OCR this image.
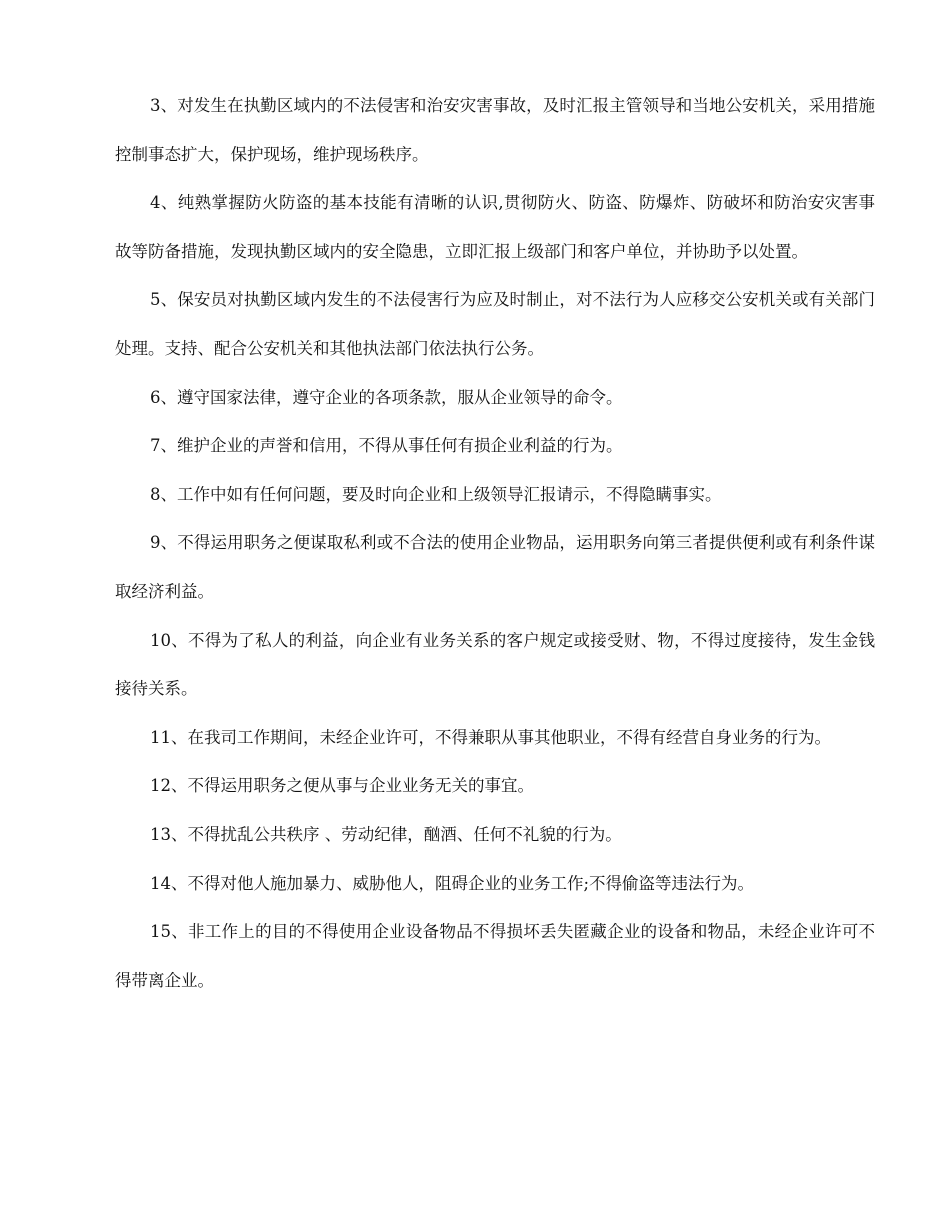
3、对发生在执勤区域内的不法侵害和治安灾害事故，及时汇报主管领导和当地公安机关，采用措施控制事态扩大，保护现场，维护现场秩序。

4、纯熟掌握防火防盗的基本技能有清晰的认识,贯彻防火、防盗、防爆炸、防破坏和防治安灾害事故等防备措施，发现执勤区域内的安全隐患，立即汇报上级部门和客户单位，并协助予以处置。

5、保安员对执勤区域内发生的不法侵害行为应及时制止，对不法行为人应移交公安机关或有关部门处理。支持、配合公安机关和其他执法部门依法执行公务。

6、遵守国家法律，遵守企业的各项条款，服从企业领导的命令。

7、维护企业的声誉和信用，不得从事任何有损企业利益的行为。

8、工作中如有任何问题，要及时向企业和上级领导汇报请示，不得隐瞒事实。

9、不得运用职务之便谋取私利或不合法的使用企业物品，运用职务向第三者提供便利或有利条件谋取经济利益。

10、不得为了私人的利益，向企业有业务关系的客户规定或接受财、物，不得过度接待，发生金钱接待关系。

11、在我司工作期间，未经企业许可，不得兼职从事其他职业，不得有经营自身业务的行为。

12、不得运用职务之便从事与企业业务无关的事宜。

13、不得扰乱公共秩序 、劳动纪律，酗酒、任何不礼貌的行为。

14、不得对他人施加暴力、威胁他人，阻碍企业的业务工作;不得偷盗等违法行为。

15、非工作上的目的不得使用企业设备物品不得损坏丢失匿藏企业的设备和物品，未经企业许可不得带离企业。
